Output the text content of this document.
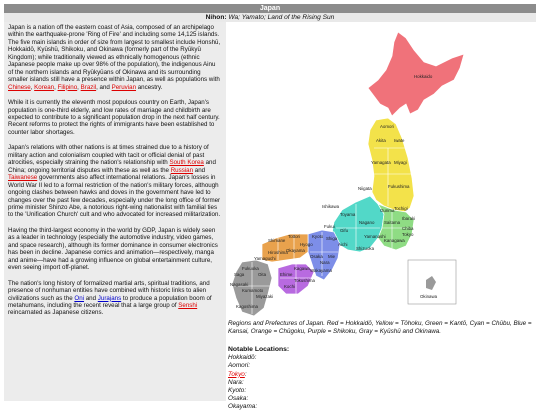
Japan
Nihon: Wa; Yamato; Land of the Rising Sun

Japan is a nation off the eastern coast of Asia, composed of an archipelago within the earthquake-prone 'Ring of Fire' and including some 14,125 islands. The five main islands in order of size from largest to smallest include Honshū, Hokkaidō, Kyūshū, Shikoku, and Okinawa (formerly part of the Ryūkyū Kingdom); while traditionally viewed as ethnically homogenous (ethnic Japanese people make up over 98% of the population), the indigenous Ainu of the northern islands and Ryūkyūans of Okinawa and its surrounding smaller islands still have a presence within Japan, as well as populations with Chinese, Korean, Filipino, Brazil, and Peruvian ancestry.

While it is currently the eleventh most populous country on Earth, Japan's population is one-third elderly, and low rates of marriage and childbirth are expected to contribute to a significant population drop in the next half century. Recent reforms to protect the rights of immigrants have been established to counter labor shortages.

Japan's relations with other nations is at times strained due to a history of military action and colonialism coupled with tacit or official denial of past atrocities, especially straining the nation's relationship with South Korea and China; ongoing territorial disputes with these as well as the Russian and Taiwanese governments also affect international relations. Japan's losses in World War II led to a formal restriction of the nation's military forces, although ongoing clashes between hawks and doves in the government have led to changes over the past few decades, especially under the long office of former prime minister Shinzo Abe, a notorious right-wing nationalist with familial ties to the 'Unification Church' cult and who advocated for increased militarization.

Having the third-largest economy in the world by GDP, Japan is widely seen as a leader in technology (especially the automotive industry, video games, and space research), although its former dominance in consumer electronics has been in decline. Japanese comics and animation—respectively, manga and anime—have had a growing influence on global entertainment culture, even seeing import off-planet.

The nation's long history of formalized martial arts, spiritual traditions, and presence of nonhuman entities have combined with historic links to alien civilizations such as the Oni and Jurajans to produce a population boom of metahumans, including the recent reveal that a large group of Senshi reincarnated as Japanese citizens.

Hokkaido
Aomori
Akita Iwate
Yamagata Miyagi
Niigata	Fukushima
Toyama
Ishikawa
Gunma Tochigi
Ibaraki
Nagano Saitama
Tokyo
Chiba
Kanagawa
Yamanashi
Fukui
Gifu
Shizuoka
Aichi
Shiga
Kyoto
Hyogo
Mie
Osaka
Nara
Wakayama
Tottori
Shimane
Okayama
Hiroshima
Yamaguchi
Kagawa
Tokushima
Ehime
Kochi
Fukuoka
Saga	Oita
Nagasaki
Kumamoto
Miyazaki
Kagoshima
Okinawa
Regions and Prefectures of Japan. Red = Hokkaidō, Yellow = Tōhoku, Green = Kantō, Cyan = Chūbu, Blue = Kansai, Orange = Chūgoku, Purple = Shikoku, Gray = Kyūshū and Okinawa.
Notable Locations:
Hokkaidō:
Aomori:
Tokyo:
Nara:
Kyoto:
Osaka:
Okayama:
